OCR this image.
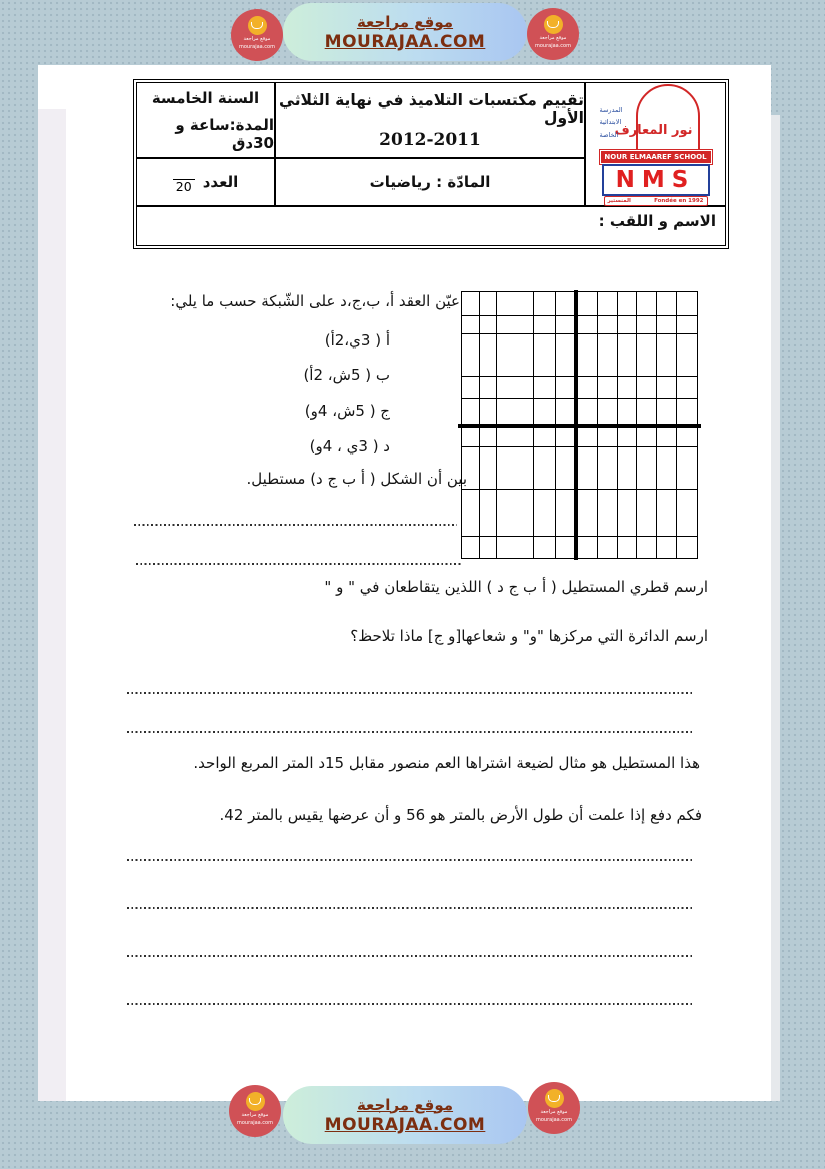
موقع مراجعة
mourajaa.com
موقع مراجعة
MOURAJAA.COM	موقع مراجعة
mourajaa.com
نور المعارف
المدرسة
الابتدائية
الخاصة
NOUR ELMAAREF SCHOOL
NMS
Fondée en 1992
المنستير
تقييم مكتسبات التلاميذ في نهاية الثلاثي الأول
2012-2011
السنة الخامسة
المدة:ساعة و 30دق
المادّة : رياضيات
العدد
20
الاسم و اللقب :
عيّن العقد أ، ب،ج،د على الشّبكة حسب ما يلي:
أ ( 3ي،2أ)
ب ( 5ش، 2أ)
ج ( 5ش، 4و)
د ( 3ي ، 4و)
بين أن الشكل ( أ ب ج د) مستطيل.
ارسم قطري المستطيل ( أ ب ج د ) اللذين يتقاطعان في " و "
ارسم الدائرة التي مركزها "و" و شعاعها[و ج] ماذا تلاحظ؟
هذا المستطيل هو مثال لضيعة اشتراها العم منصور مقابل 15د المتر المربع الواحد.
فكم دفع إذا علمت أن طول الأرض بالمتر هو 56 و أن عرضها يقيس بالمتر 42.
موقع مراجعة
mourajaa.com
موقع مراجعة
MOURAJAA.COM
موقع مراجعة
mourajaa.com
